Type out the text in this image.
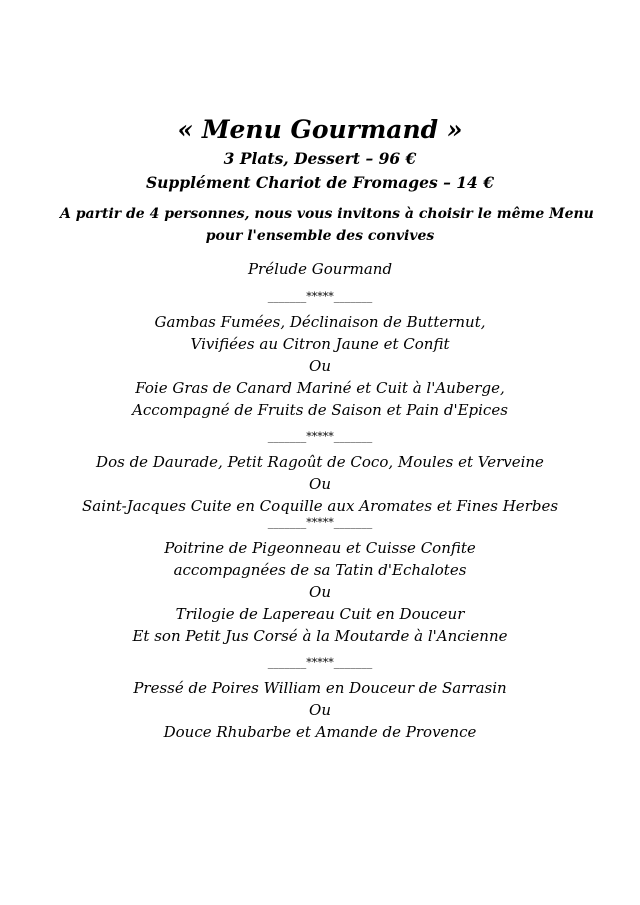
« Menu Gourmand »
3 Plats, Dessert – 96 €
Supplément Chariot de Fromages – 14 €
A partir de 4 personnes, nous vous invitons à choisir le même Menu
pour l'ensemble des convives
Prélude Gourmand
_______*****_______
Gambas Fumées, Déclinaison de Butternut,
Vivifiées au Citron Jaune et Confit
Ou
Foie Gras de Canard Mariné et Cuit à l'Auberge,
Accompagné de Fruits de Saison et Pain d'Epices
_______*****_______
Dos de Daurade, Petit Ragoût de Coco, Moules et Verveine
Ou
Saint-Jacques Cuite en Coquille aux Aromates et Fines Herbes
_______*****_______
Poitrine de Pigeonneau et Cuisse Confite
accompagnées de sa Tatin d'Echalotes
Ou
Trilogie de Lapereau Cuit en Douceur
Et son Petit Jus Corsé à la Moutarde à l'Ancienne
_______*****_______
Pressé de Poires William en Douceur de Sarrasin
Ou
Douce Rhubarbe et Amande de Provence
